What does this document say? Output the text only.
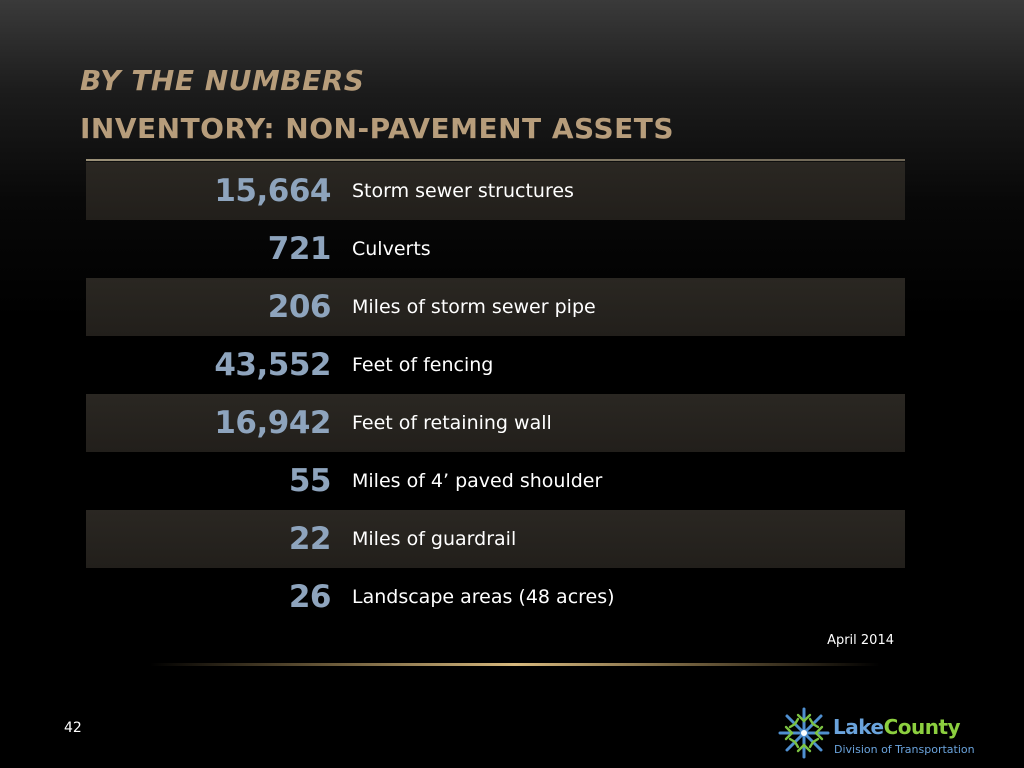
BY THE NUMBERS
INVENTORY: NON-PAVEMENT ASSETS
15,664 Storm sewer structures
721 Culverts
206 Miles of storm sewer pipe
43,552 Feet of fencing
16,942 Feet of retaining wall
55 Miles of 4’ paved shoulder
22 Miles of guardrail
26 Landscape areas (48 acres)
April 2014
42	LakeCounty
Division of Transportation
